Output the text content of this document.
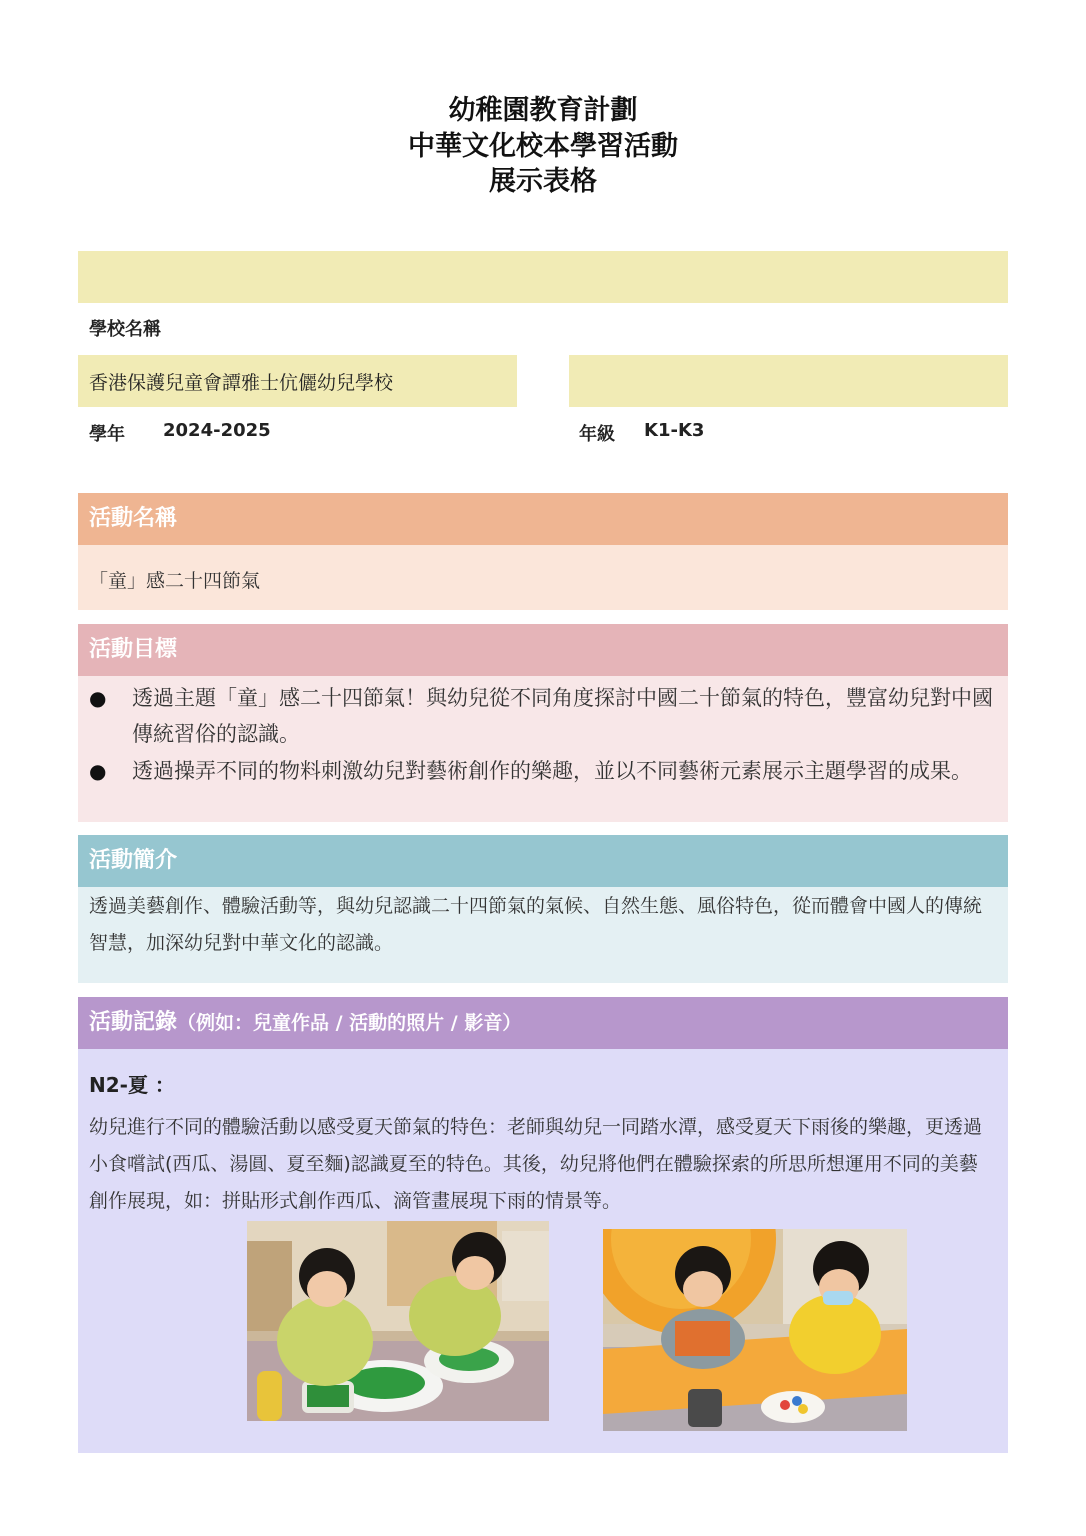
幼稚園教育計劃
中華文化校本學習活動
展示表格
學校名稱
香港保護兒童會譚雅士伉儷幼兒學校
學年 2024-2025	年級 K1-K3
活動名稱
「童」感二十四節氣
活動目標
● 透過主題「童」感二十四節氣！與幼兒從不同角度探討中國二十節氣的特色，豐富幼兒對中國傳統習俗的認識。
● 透過操弄不同的物料刺激幼兒對藝術創作的樂趣，並以不同藝術元素展示主題學習的成果。
活動簡介
透過美藝創作、體驗活動等，與幼兒認識二十四節氣的氣候、自然生態、風俗特色，從而體會中國人的傳統智慧，加深幼兒對中華文化的認識。
活動記錄（例如：兒童作品 / 活動的照片 / 影音）
N2-夏 ：
幼兒進行不同的體驗活動以感受夏天節氣的特色：老師與幼兒一同踏水潭，感受夏天下雨後的樂趣，更透過小食嚐試(西瓜、湯圓、夏至麵)認識夏至的特色。其後，幼兒將他們在體驗探索的所思所想運用不同的美藝創作展現，如：拼貼形式創作西瓜、滴管畫展現下雨的情景等。
